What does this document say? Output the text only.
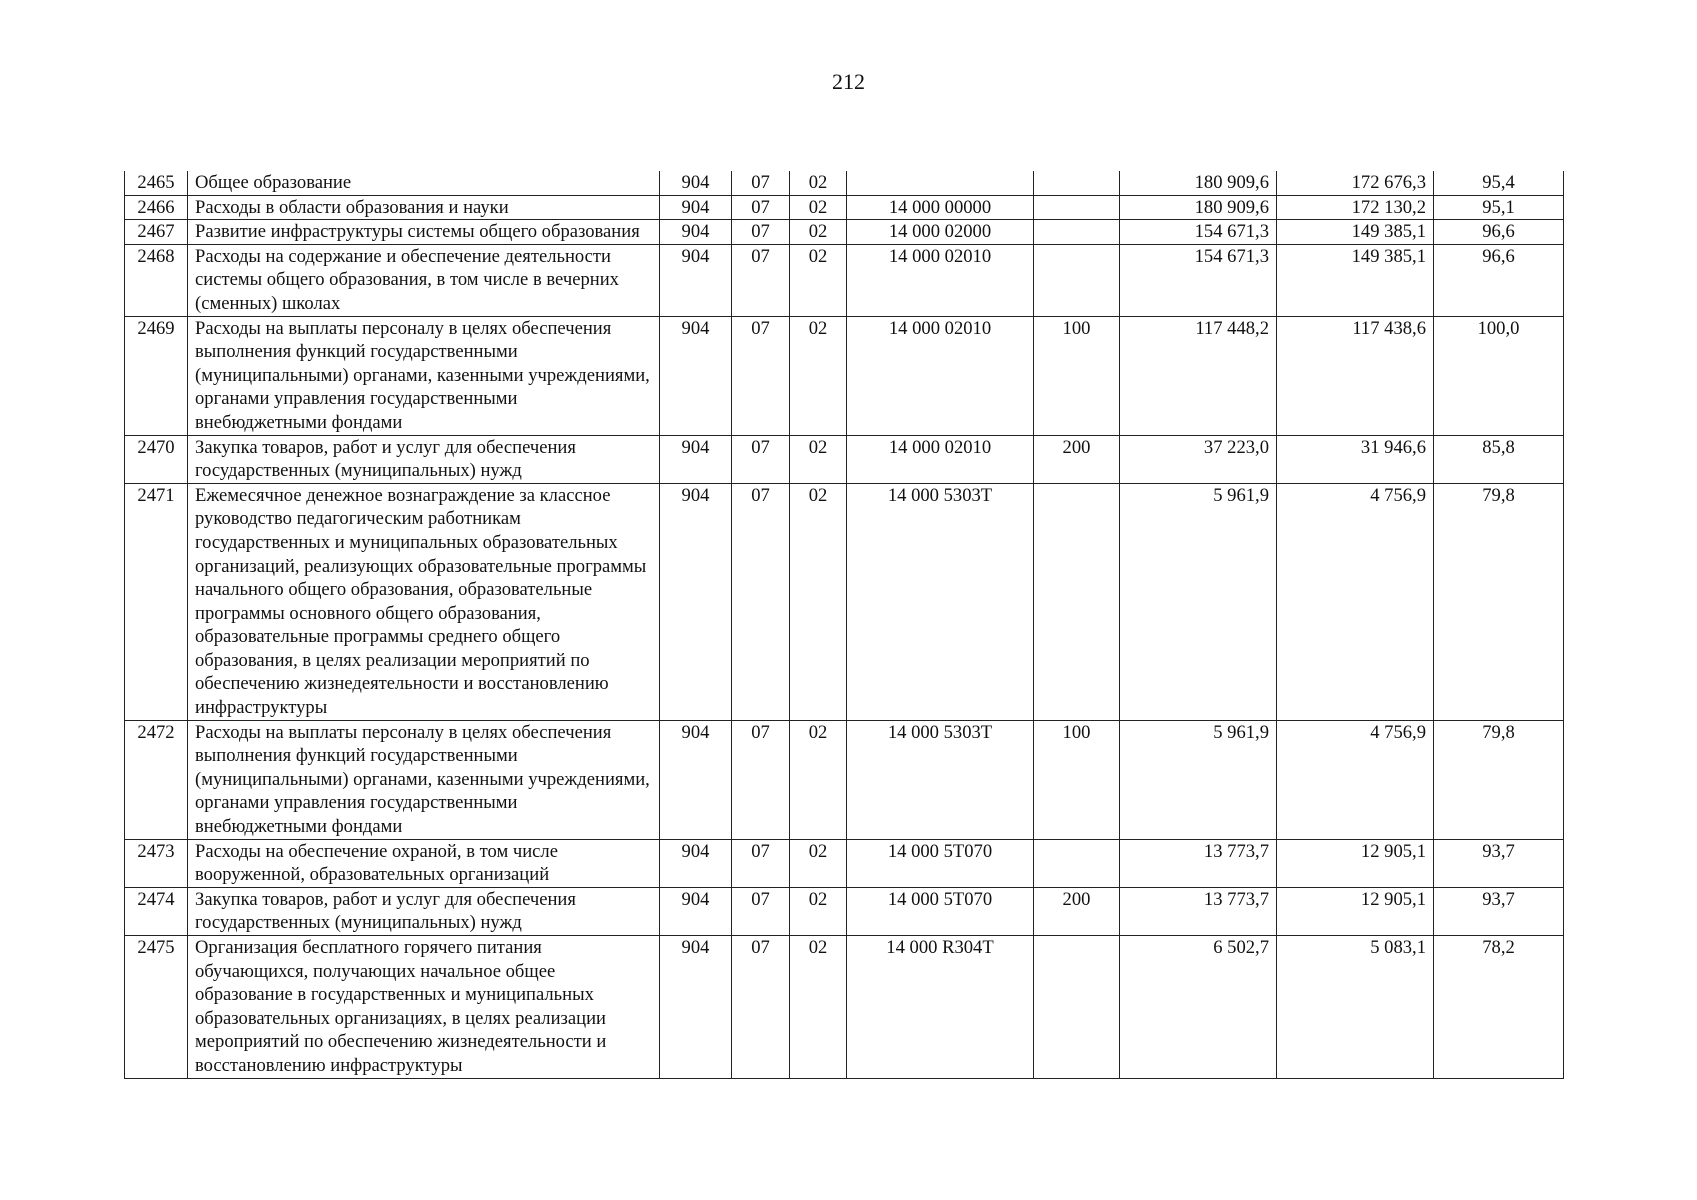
212
2465	Общее образование	904	07	02			180 909,6	172 676,3	95,4
2466	Расходы в области образования и науки	904	07	02	14 000 00000		180 909,6	172 130,2	95,1
2467	Развитие инфраструктуры системы общего образования	904	07	02	14 000 02000		154 671,3	149 385,1	96,6
2468	Расходы на содержание и обеспечение деятельности системы общего образования, в том числе в вечерних (сменных) школах	904	07	02	14 000 02010		154 671,3	149 385,1	96,6
2469	Расходы на выплаты персоналу в целях обеспечения выполнения функций государственными (муниципальными) органами, казенными учреждениями, органами управления государственными внебюджетными фондами	904	07	02	14 000 02010	100	117 448,2	117 438,6	100,0
2470	Закупка товаров, работ и услуг для обеспечения государственных (муниципальных) нужд	904	07	02	14 000 02010	200	37 223,0	31 946,6	85,8
2471	Ежемесячное денежное вознаграждение за классное руководство педагогическим работникам государственных и муниципальных образовательных организаций, реализующих образовательные программы начального общего образования, образовательные программы основного общего образования, образовательные программы среднего общего образования, в целях реализации мероприятий по обеспечению жизнедеятельности и восстановлению инфраструктуры	904	07	02	14 000 5303Т		5 961,9	4 756,9	79,8
2472	Расходы на выплаты персоналу в целях обеспечения выполнения функций государственными (муниципальными) органами, казенными учреждениями, органами управления государственными внебюджетными фондами	904	07	02	14 000 5303Т	100	5 961,9	4 756,9	79,8
2473	Расходы на обеспечение охраной, в том числе вооруженной, образовательных организаций	904	07	02	14 000 5Т070		13 773,7	12 905,1	93,7
2474	Закупка товаров, работ и услуг для обеспечения государственных (муниципальных) нужд	904	07	02	14 000 5Т070	200	13 773,7	12 905,1	93,7
2475	Организация бесплатного горячего питания обучающихся, получающих начальное общее образование в государственных и муниципальных образовательных организациях, в целях реализации мероприятий по обеспечению жизнедеятельности и восстановлению инфраструктуры	904	07	02	14 000 R304Т		6 502,7	5 083,1	78,2
